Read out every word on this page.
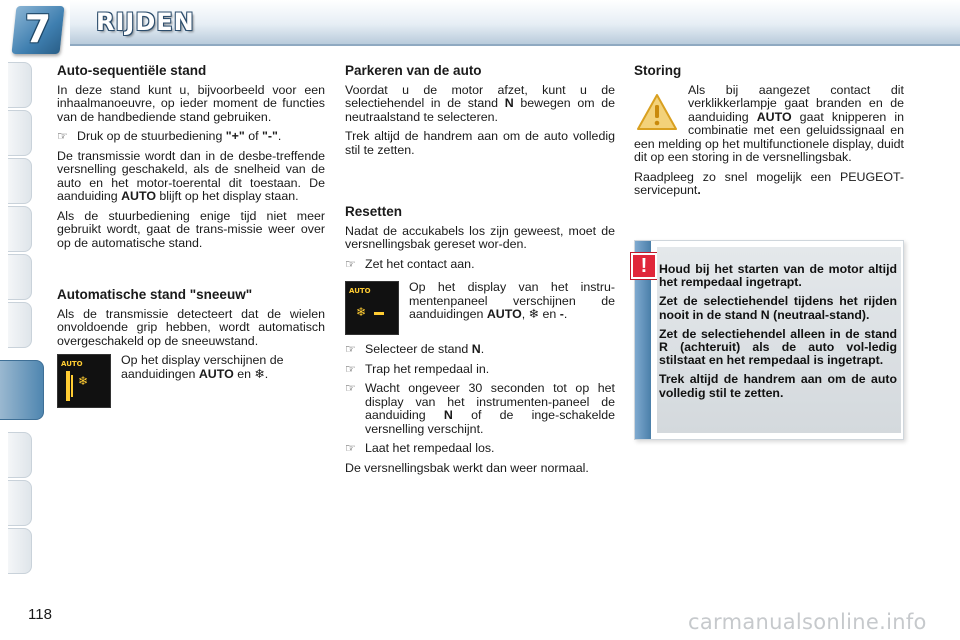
7	RIJDEN
Auto-sequentiële stand

In deze stand kunt u, bijvoorbeeld voor een inhaalmanoeuvre, op ieder moment de functies van de handbediende stand gebruiken.

☞ Druk op de stuurbediening "+" of "-".

De transmissie wordt dan in de desbe-treffende versnelling geschakeld, als de snelheid van de auto en het motor-toerental dit toestaan. De aanduiding AUTO blijft op het display staan.

Als de stuurbediening enige tijd niet meer gebruikt wordt, gaat de trans-missie weer over op de automatische stand.

Automatische stand "sneeuw"

Als de transmissie detecteert dat de wielen onvoldoende grip hebben, wordt automatisch overgeschakeld op de sneeuwstand.

AUTO
❄

Op het display verschijnen de aanduidingen AUTO en ❄.

Parkeren van de auto

Voordat u de motor afzet, kunt u de selectiehendel in de stand N bewegen om de neutraalstand te selecteren.

Trek altijd de handrem aan om de auto volledig stil te zetten.

Resetten

Nadat de accukabels los zijn geweest, moet de versnellingsbak gereset wor-den.

☞ Zet het contact aan.
AUTO
❄

Op het display van het instru-mentenpaneel verschijnen de aanduidingen AUTO, ❄ en -.

☞ Selecteer de stand N.
☞ Trap het rempedaal in.
☞ Wacht ongeveer 30 seconden tot op het display van het instrumenten-paneel de aanduiding N of de inge-schakelde versnelling verschijnt.
☞ Laat het rempedaal los.

De versnellingsbak werkt dan weer normaal.

Storing

Als bij aangezet contact dit verklikkerlampje gaat branden en de aanduiding AUTO gaat knipperen in combinatie met een geluidssignaal en een melding op het multifunctionele display, duidt dit op een storing in de versnellingsbak.

Raadpleeg zo snel mogelijk een PEUGEOT-servicepunt.

! Houd bij het starten van de motor altijd het rempedaal ingetrapt.

Zet de selectiehendel tijdens het rijden nooit in de stand N (neutraal-stand).

Zet de selectiehendel alleen in de stand R (achteruit) als de auto vol-ledig stilstaat en het rempedaal is ingetrapt.

Trek altijd de handrem aan om de auto volledig stil te zetten.

118	carmanualsonline.info
